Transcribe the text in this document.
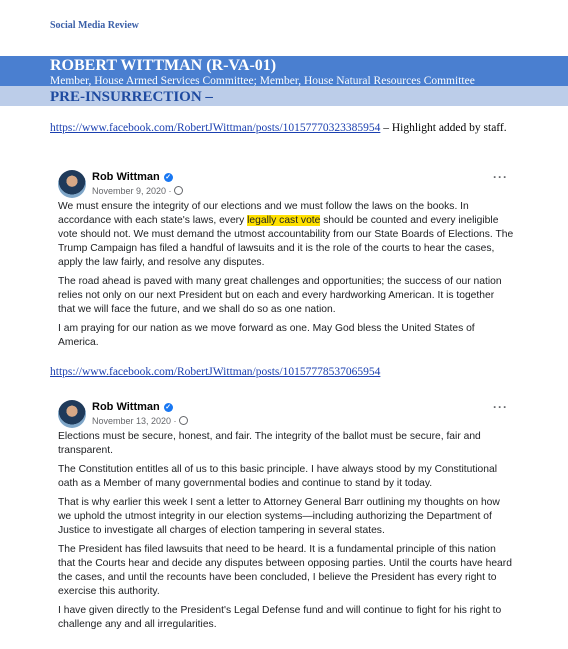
Social Media Review
ROBERT WITTMAN (R-VA-01)
Member, House Armed Services Committee; Member, House Natural Resources Committee
PRE-INSURRECTION –
https://www.facebook.com/RobertJWittman/posts/10157770323385954 – Highlight added by staff.
Rob Wittman ✓
November 9, 2020 ·
···

We must ensure the integrity of our elections and we must follow the laws on the books. In accordance with each state's laws, every legally cast vote should be counted and every ineligible vote should not. We must demand the utmost accountability from our State Boards of Elections. The Trump Campaign has filed a handful of lawsuits and it is the role of the courts to hear the cases, apply the law fairly, and resolve any disputes.

The road ahead is paved with many great challenges and opportunities; the success of our nation relies not only on our next President but on each and every hardworking American. It is together that we will face the future, and we shall do so as one nation.

I am praying for our nation as we move forward as one. May God bless the United States of America.

https://www.facebook.com/RobertJWittman/posts/10157778537065954
Rob Wittman ✓
November 13, 2020 ·
···

Elections must be secure, honest, and fair. The integrity of the ballot must be secure, fair and transparent.

The Constitution entitles all of us to this basic principle. I have always stood by my Constitutional oath as a Member of many governmental bodies and continue to stand by it today.

That is why earlier this week I sent a letter to Attorney General Barr outlining my thoughts on how we uphold the utmost integrity in our election systems—including authorizing the Department of Justice to investigate all charges of election tampering in several states.

The President has filed lawsuits that need to be heard. It is a fundamental principle of this nation that the Courts hear and decide any disputes between opposing parties. Until the courts have heard the cases, and until the recounts have been concluded, I believe the President has every right to exercise this authority.

I have given directly to the President's Legal Defense fund and will continue to fight for his right to challenge any and all irregularities.
